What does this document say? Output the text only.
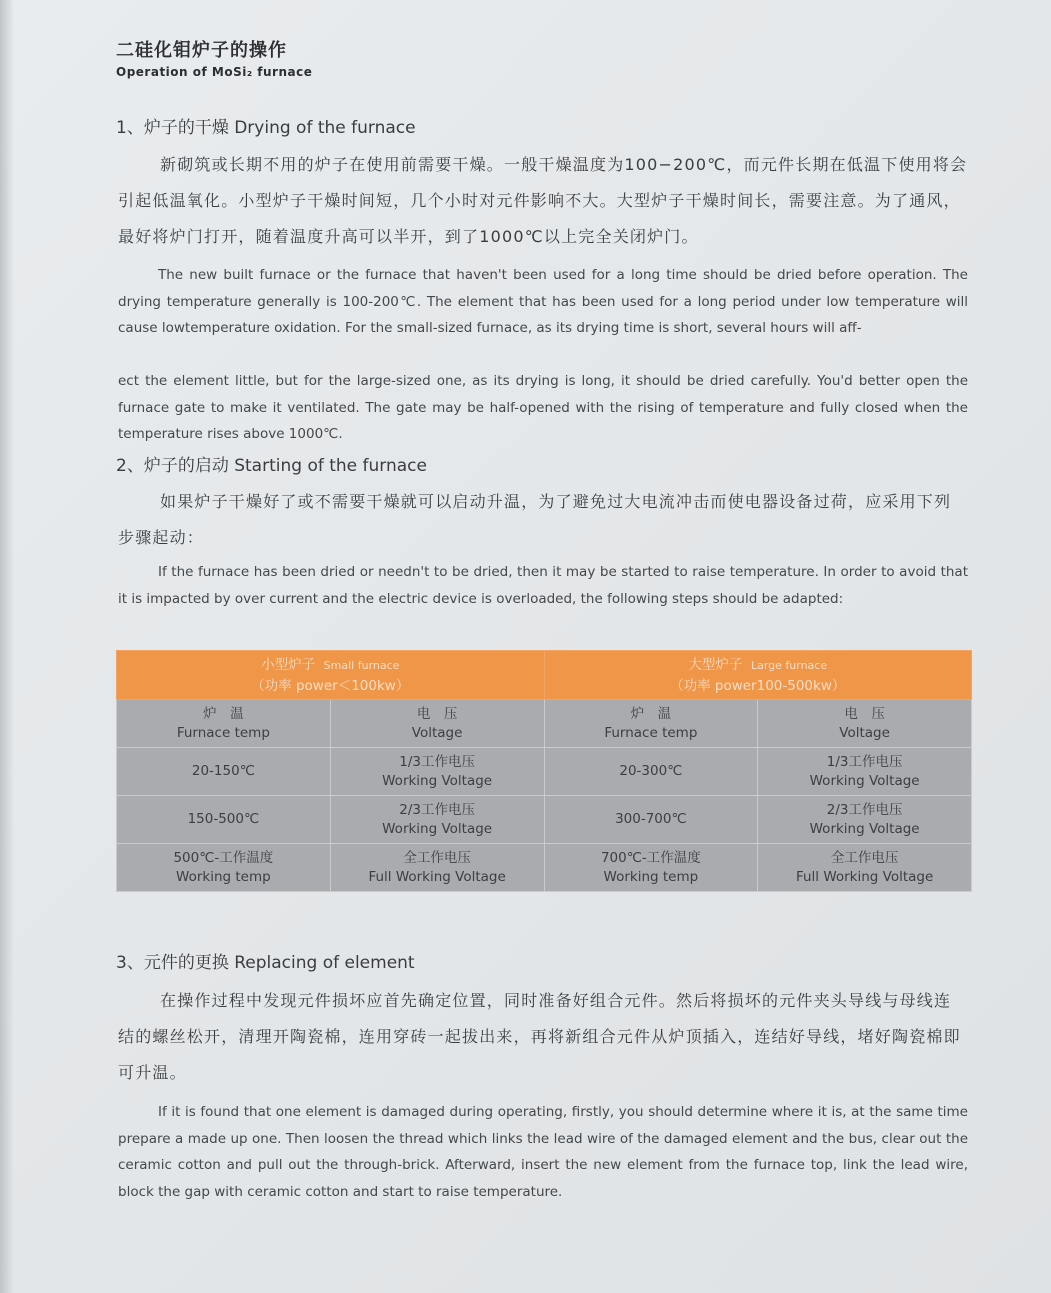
二硅化钼炉子的操作
Operation of MoSi₂ furnace
1、炉子的干燥 Drying of the furnace

新砌筑或长期不用的炉子在使用前需要干燥。一般干燥温度为100−200℃，而元件长期在低温下使用将会引起低温氧化。小型炉子干燥时间短，几个小时对元件影响不大。大型炉子干燥时间长，需要注意。为了通风，最好将炉门打开，随着温度升高可以半开，到了1000℃以上完全关闭炉门。

The new built furnace or the furnace that haven't been used for a long time should be dried before operation. The drying temperature generally is 100-200℃. The element that has been used for a long period under low temperature will cause lowtemperature oxidation. For the small-sized furnace, as its drying time is short, several hours will aff-

ect the element little, but for the large-sized one, as its drying is long, it should be dried carefully. You'd better open the furnace gate to make it ventilated. The gate may be half-opened with the rising of temperature and fully closed when the temperature rises above 1000℃.

2、炉子的启动 Starting of the furnace

如果炉子干燥好了或不需要干燥就可以启动升温，为了避免过大电流冲击而使电器设备过荷，应采用下列步骤起动：

If the furnace has been dried or needn't to be dried, then it may be started to raise temperature. In order to avoid that it is impacted by over current and the electric device is overloaded, the following steps should be adapted:

小型炉子 Small furnace
（功率 power＜100kw）		大型炉子 Large furnace
（功率 power100-500kw）	

炉　温
Furnace temp	电　压
Voltage	炉　温
Furnace temp	电　压
Voltage

20-150℃	1/3工作电压
Working Voltage	20-300℃	1/3工作电压
Working Voltage

150-500℃	2/3工作电压
Working Voltage	300-700℃	2/3工作电压
Working Voltage

500℃-工作温度
Working temp	全工作电压
Full Working Voltage	700℃-工作温度
Working temp	全工作电压
Full Working Voltage
3、元件的更换 Replacing of element

在操作过程中发现元件损坏应首先确定位置，同时准备好组合元件。然后将损坏的元件夹头导线与母线连结的螺丝松开，清理开陶瓷棉，连用穿砖一起拔出来，再将新组合元件从炉顶插入，连结好导线，堵好陶瓷棉即可升温。

If it is found that one element is damaged during operating, firstly, you should determine where it is, at the same time prepare a made up one. Then loosen the thread which links the lead wire of the damaged element and the bus, clear out the ceramic cotton and pull out the through-brick. Afterward, insert the new element from the furnace top, link the lead wire, block the gap with ceramic cotton and start to raise temperature.
